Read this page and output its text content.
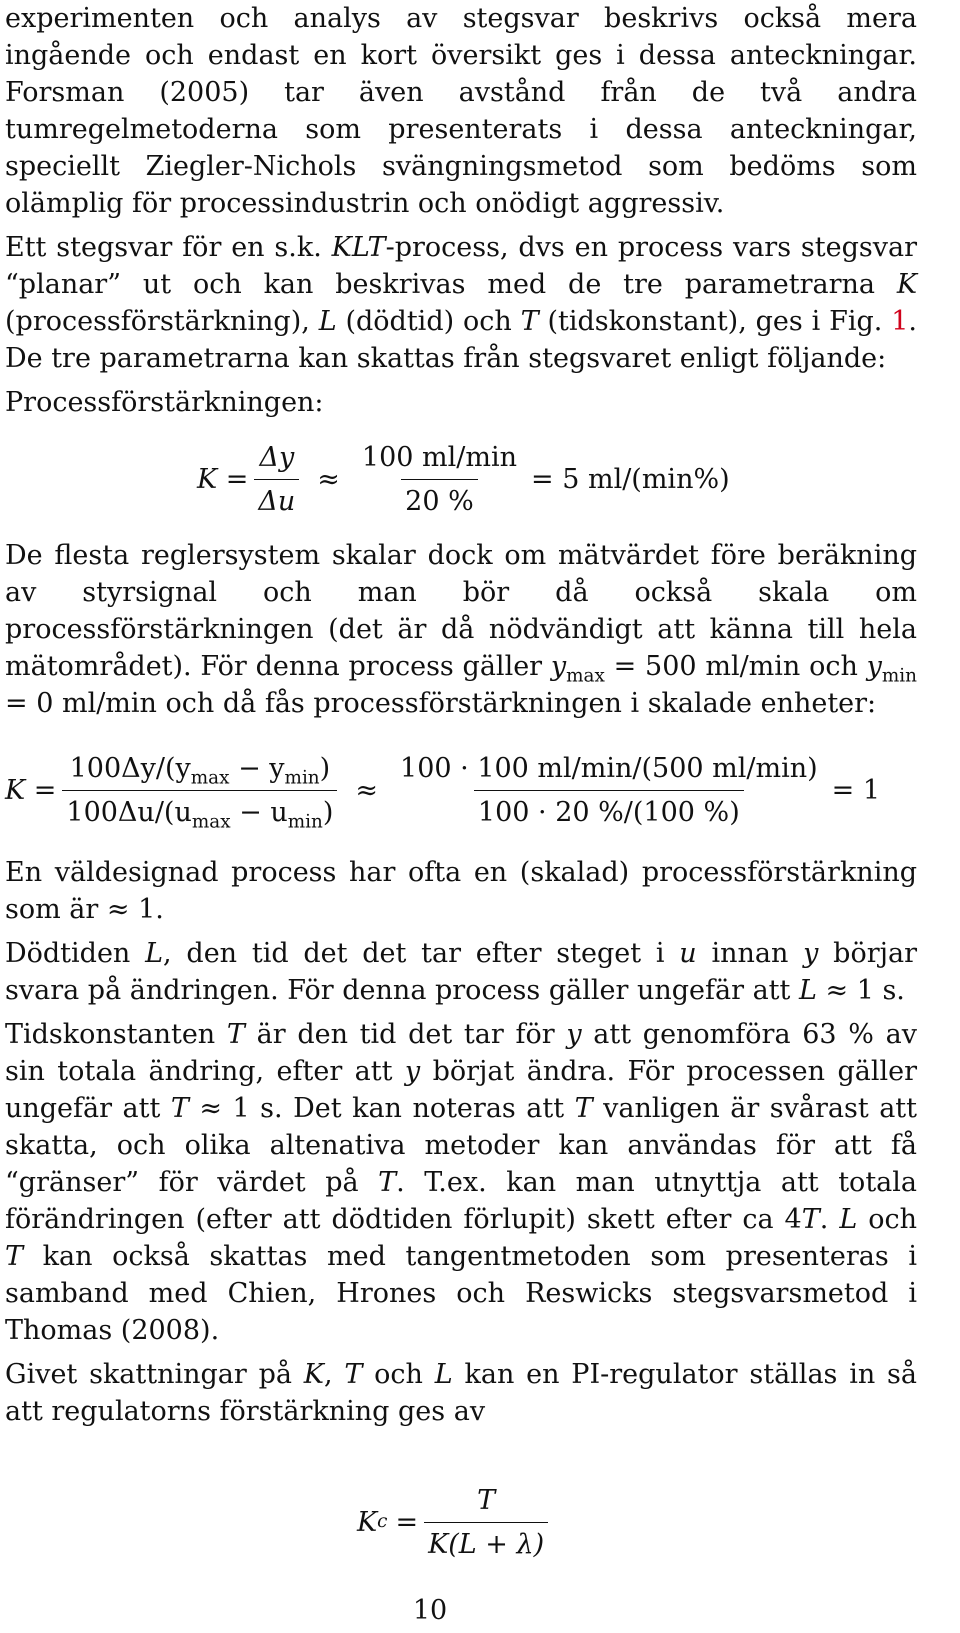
experimenten och analys av stegsvar beskrivs också mera ingående och endast en kort översikt ges i dessa anteckningar. Forsman (2005) tar även avstånd från de två andra tumregelmetoderna som presenterats i dessa anteckningar, speciellt Ziegler-Nichols svängningsmetod som bedöms som olämplig för processindustrin och onödigt aggressiv.

Ett stegsvar för en s.k. KLT-process, dvs en process vars stegsvar “planar” ut och kan beskrivas med de tre parametrarna K (processförstärkning), L (dödtid) och T (tidskonstant), ges i Fig. 1. De tre parametrarna kan skattas från stegsvaret enligt följande:

Processförstärkningen:

$K = \frac{\Delta y}{\Delta u} \approx \frac{100 ml/\min}{20 \%} = 5$ ml/(min%)

De flesta reglersystem skalar dock om mätvärdet före beräkning av styrsignal och man bör då också skala om processförstärkningen (det är då nödvändigt att känna till hela mätområdet). För denna process gäller $y_{max} = 500$ ml/min och $y_{min} = 0$ ml/min och då fås processförstärkningen i skalade enheter:

$K = \frac{100\Delta y/(y_{max} - y_{min})}{100\Delta u/(u_{max} - u_{min})} \approx \frac{100 \cdot 100 ml/\min/(500 ml/\min)}{100 \cdot 20 \%/(100 \%)} = 1$

En väldesignad process har ofta en (skalad) processförstärkning som är ≈ 1.

Dödtiden L, den tid det det tar efter steget i u innan y börjar svara på ändringen. För denna process gäller ungefär att L ≈ 1 s.

Tidskonstanten T är den tid det tar för y att genomföra 63 % av sin totala ändring, efter att y börjat ändra. För processen gäller ungefär att T ≈ 1 s. Det kan noteras att T vanligen är svårast att skatta, och olika altenativa metoder kan användas för att få “gränser” för värdet på T. T.ex. kan man utnyttja att totala förändringen (efter att dödtiden förlupit) skett efter ca 4T. L och T kan också skattas med tangentmetoden som presenteras i samband med Chien, Hrones och Reswicks stegsvarsmetod i Thomas (2008).

Givet skattningar på K, T och L kan en PI-regulator ställas in så att regulatorns förstärkning ges av

K $c = \frac{T}{K(L + \lambda)}$
10
